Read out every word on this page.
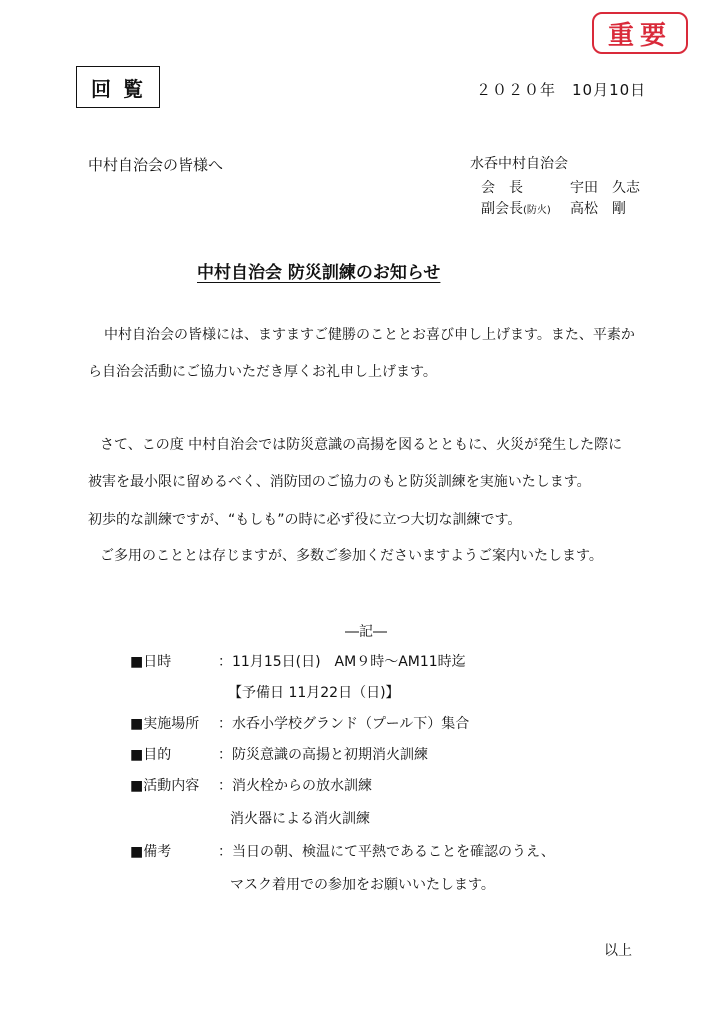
重要
回覧	２０２０年　10月10日
中村自治会の皆様へ	水呑中村自治会
会　長	宇田　久志
副会長(防火) 高松　剛
中村自治会 防災訓練のお知らせ
中村自治会の皆様には、ますますご健勝のこととお喜び申し上げます。また、平素か
ら自治会活動にご協力いただき厚くお礼申し上げます。
さて、この度 中村自治会では防災意識の高揚を図るとともに、火災が発生した際に
被害を最小限に留めるべく、消防団のご協力のもと防災訓練を実施いたします。
初歩的な訓練ですが、“もしも”の時に必ず役に立つ大切な訓練です。
ご多用のこととは存じますが、多数ご参加くださいますようご案内いたします。
―記―
■日時	：11月15日(日)　AM９時～AM11時迄
【予備日 11月22日（日)】
■実施場所 ：水呑小学校グランド（プール下）集合
■目的	：防災意識の高揚と初期消火訓練
■活動内容 ：消火栓からの放水訓練
消火器による消火訓練
■備考	：当日の朝、検温にて平熱であることを確認のうえ、
マスク着用での参加をお願いいたします。
以上
